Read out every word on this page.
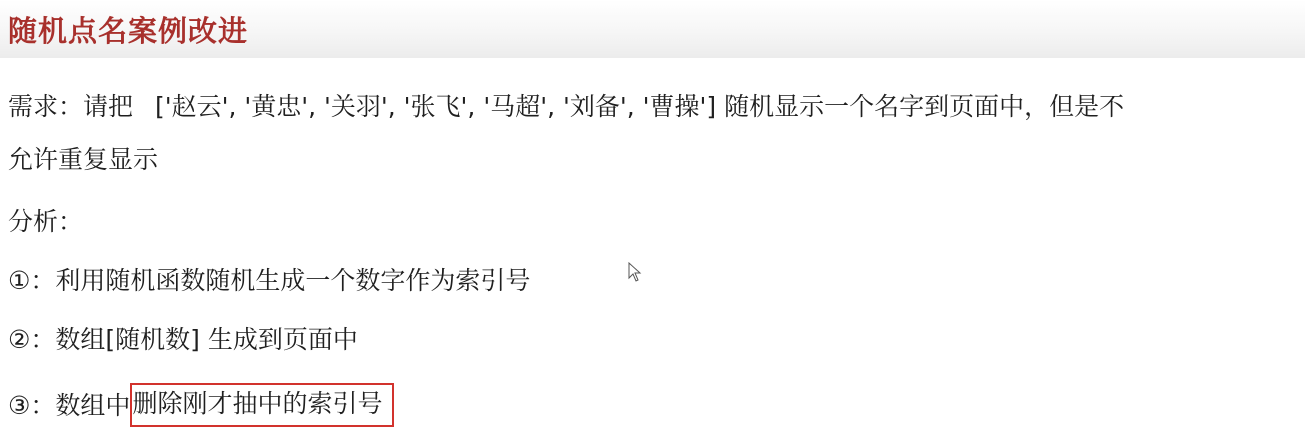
随机点名案例改进
需求：请把 ['赵云', '黄忠', '关羽', '张飞', '马超', '刘备', '曹操'] 随机显示一个名字到页面中，但是不
允许重复显示
分析：
①：利用随机函数随机生成一个数字作为索引号
②：数组[随机数] 生成到页面中
③：数组中删除刚才抽中的索引号
